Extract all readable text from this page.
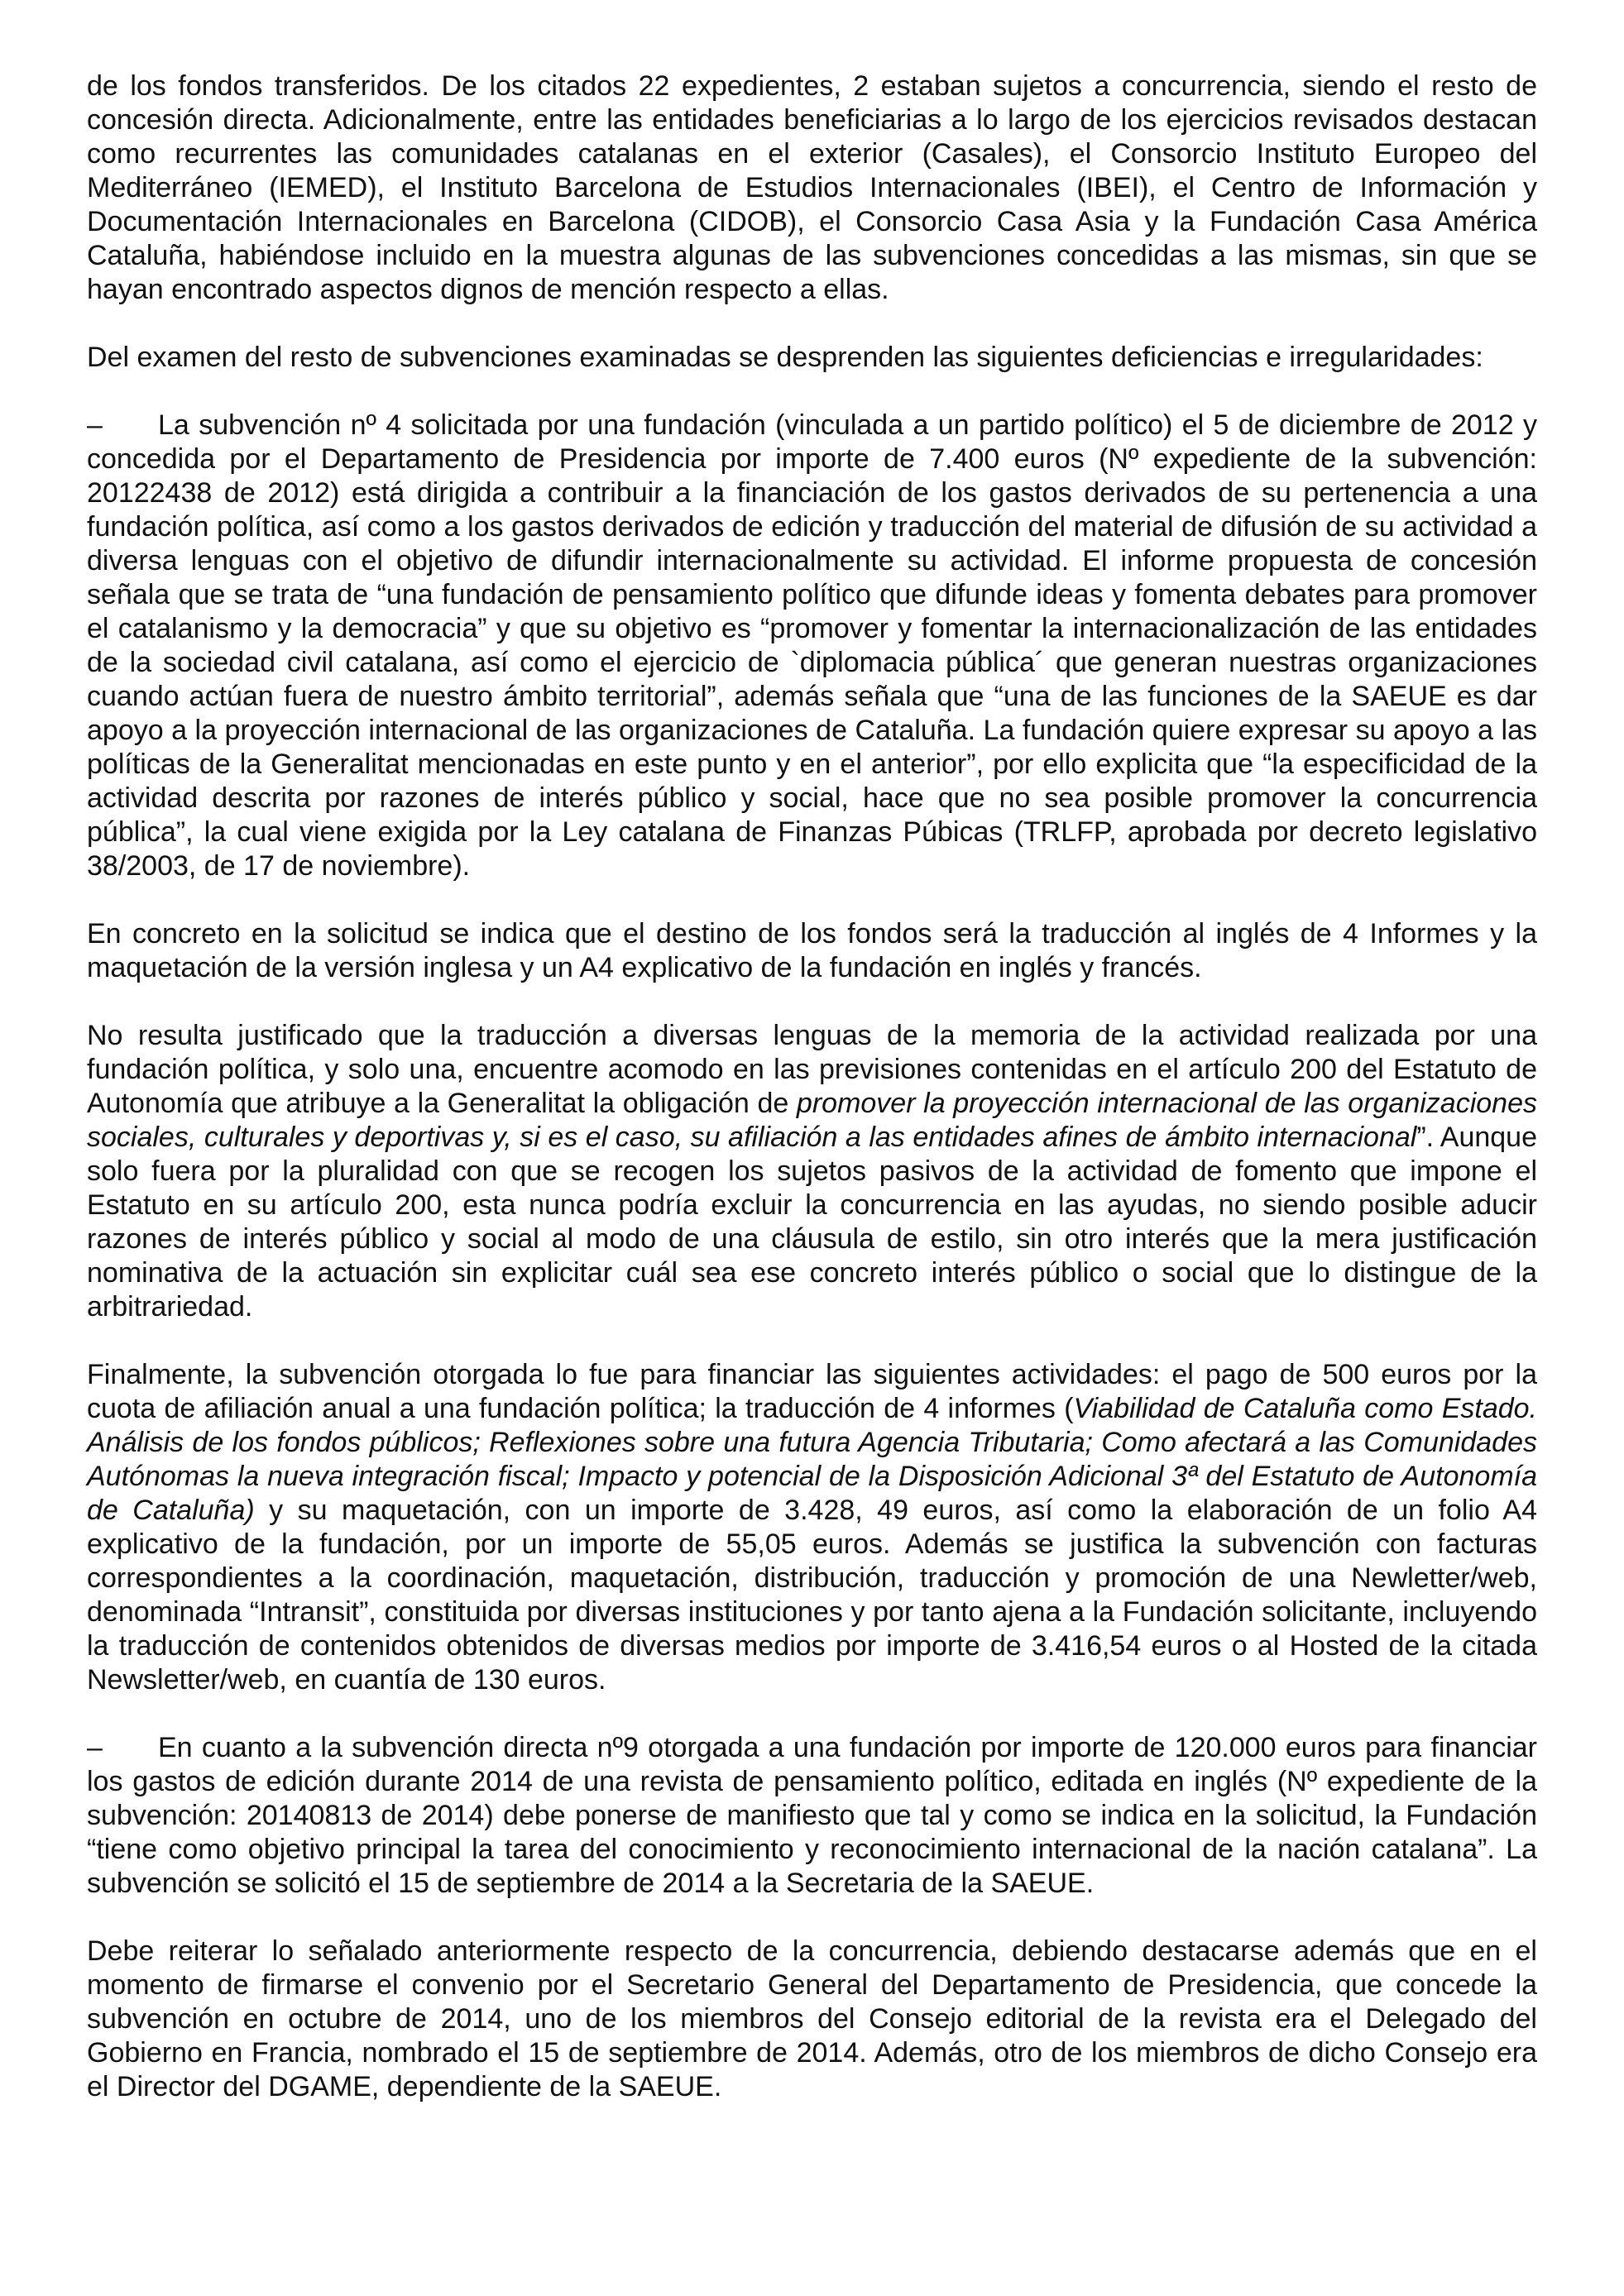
de los fondos transferidos. De los citados 22 expedientes, 2 estaban sujetos a concurrencia, siendo el resto de concesión directa. Adicionalmente, entre las entidades beneficiarias a lo largo de los ejercicios revisados destacan como recurrentes las comunidades catalanas en el exterior (Casales), el Consorcio Instituto Europeo del Mediterráneo (IEMED), el Instituto Barcelona de Estudios Internacionales (IBEI), el Centro de Información y Documentación Internacionales en Barcelona (CIDOB), el Consorcio Casa Asia y la Fundación Casa América Cataluña, habiéndose incluido en la muestra algunas de las subvenciones concedidas a las mismas, sin que se hayan encontrado aspectos dignos de mención respecto a ellas.

Del examen del resto de subvenciones examinadas se desprenden las siguientes deficiencias e irregularidades:

– La subvención nº 4 solicitada por una fundación (vinculada a un partido político) el 5 de diciembre de 2012 y concedida por el Departamento de Presidencia por importe de 7.400 euros (Nº expediente de la subvención: 20122438 de 2012) está dirigida a contribuir a la financiación de los gastos derivados de su pertenencia a una fundación política, así como a los gastos derivados de edición y traducción del material de difusión de su actividad a diversa lenguas con el objetivo de difundir internacionalmente su actividad. El informe propuesta de concesión señala que se trata de “una fundación de pensamiento político que difunde ideas y fomenta debates para promover el catalanismo y la democracia” y que su objetivo es “promover y fomentar la internacionalización de las entidades de la sociedad civil catalana, así como el ejercicio de `diplomacia pública´ que generan nuestras organizaciones cuando actúan fuera de nuestro ámbito territorial”, además señala que “una de las funciones de la SAEUE es dar apoyo a la proyección internacional de las organizaciones de Cataluña. La fundación quiere expresar su apoyo a las políticas de la Generalitat mencionadas en este punto y en el anterior”, por ello explicita que “la especificidad de la actividad descrita por razones de interés público y social, hace que no sea posible promover la concurrencia pública”, la cual viene exigida por la Ley catalana de Finanzas Púbicas (TRLFP, aprobada por decreto legislativo 38/2003, de 17 de noviembre).

En concreto en la solicitud se indica que el destino de los fondos será la traducción al inglés de 4 Informes y la maquetación de la versión inglesa y un A4 explicativo de la fundación en inglés y francés.

No resulta justificado que la traducción a diversas lenguas de la memoria de la actividad realizada por una fundación política, y solo una, encuentre acomodo en las previsiones contenidas en el artículo 200 del Estatuto de Autonomía que atribuye a la Generalitat la obligación de promover la proyección internacional de las organizaciones sociales, culturales y deportivas y, si es el caso, su afiliación a las entidades afines de ámbito internacional”. Aunque solo fuera por la pluralidad con que se recogen los sujetos pasivos de la actividad de fomento que impone el Estatuto en su artículo 200, esta nunca podría excluir la concurrencia en las ayudas, no siendo posible aducir razones de interés público y social al modo de una cláusula de estilo, sin otro interés que la mera justificación nominativa de la actuación sin explicitar cuál sea ese concreto interés público o social que lo distingue de la arbitrariedad.

Finalmente, la subvención otorgada lo fue para financiar las siguientes actividades: el pago de 500 euros por la cuota de afiliación anual a una fundación política; la traducción de 4 informes (Viabilidad de Cataluña como Estado. Análisis de los fondos públicos; Reflexiones sobre una futura Agencia Tributaria; Como afectará a las Comunidades Autónomas la nueva integración fiscal; Impacto y potencial de la Disposición Adicional 3ª del Estatuto de Autonomía de Cataluña) y su maquetación, con un importe de 3.428, 49 euros, así como la elaboración de un folio A4 explicativo de la fundación, por un importe de 55,05 euros. Además se justifica la subvención con facturas correspondientes a la coordinación, maquetación, distribución, traducción y promoción de una Newletter/web, denominada “Intransit”, constituida por diversas instituciones y por tanto ajena a la Fundación solicitante, incluyendo la traducción de contenidos obtenidos de diversas medios por importe de 3.416,54 euros o al Hosted de la citada Newsletter/web, en cuantía de 130 euros.

– En cuanto a la subvención directa nº9 otorgada a una fundación por importe de 120.000 euros para financiar los gastos de edición durante 2014 de una revista de pensamiento político, editada en inglés (Nº expediente de la subvención: 20140813 de 2014) debe ponerse de manifiesto que tal y como se indica en la solicitud, la Fundación “tiene como objetivo principal la tarea del conocimiento y reconocimiento internacional de la nación catalana”. La subvención se solicitó el 15 de septiembre de 2014 a la Secretaria de la SAEUE.

Debe reiterar lo señalado anteriormente respecto de la concurrencia, debiendo destacarse además que en el momento de firmarse el convenio por el Secretario General del Departamento de Presidencia, que concede la subvención en octubre de 2014, uno de los miembros del Consejo editorial de la revista era el Delegado del Gobierno en Francia, nombrado el 15 de septiembre de 2014. Además, otro de los miembros de dicho Consejo era el Director del DGAME, dependiente de la SAEUE.
